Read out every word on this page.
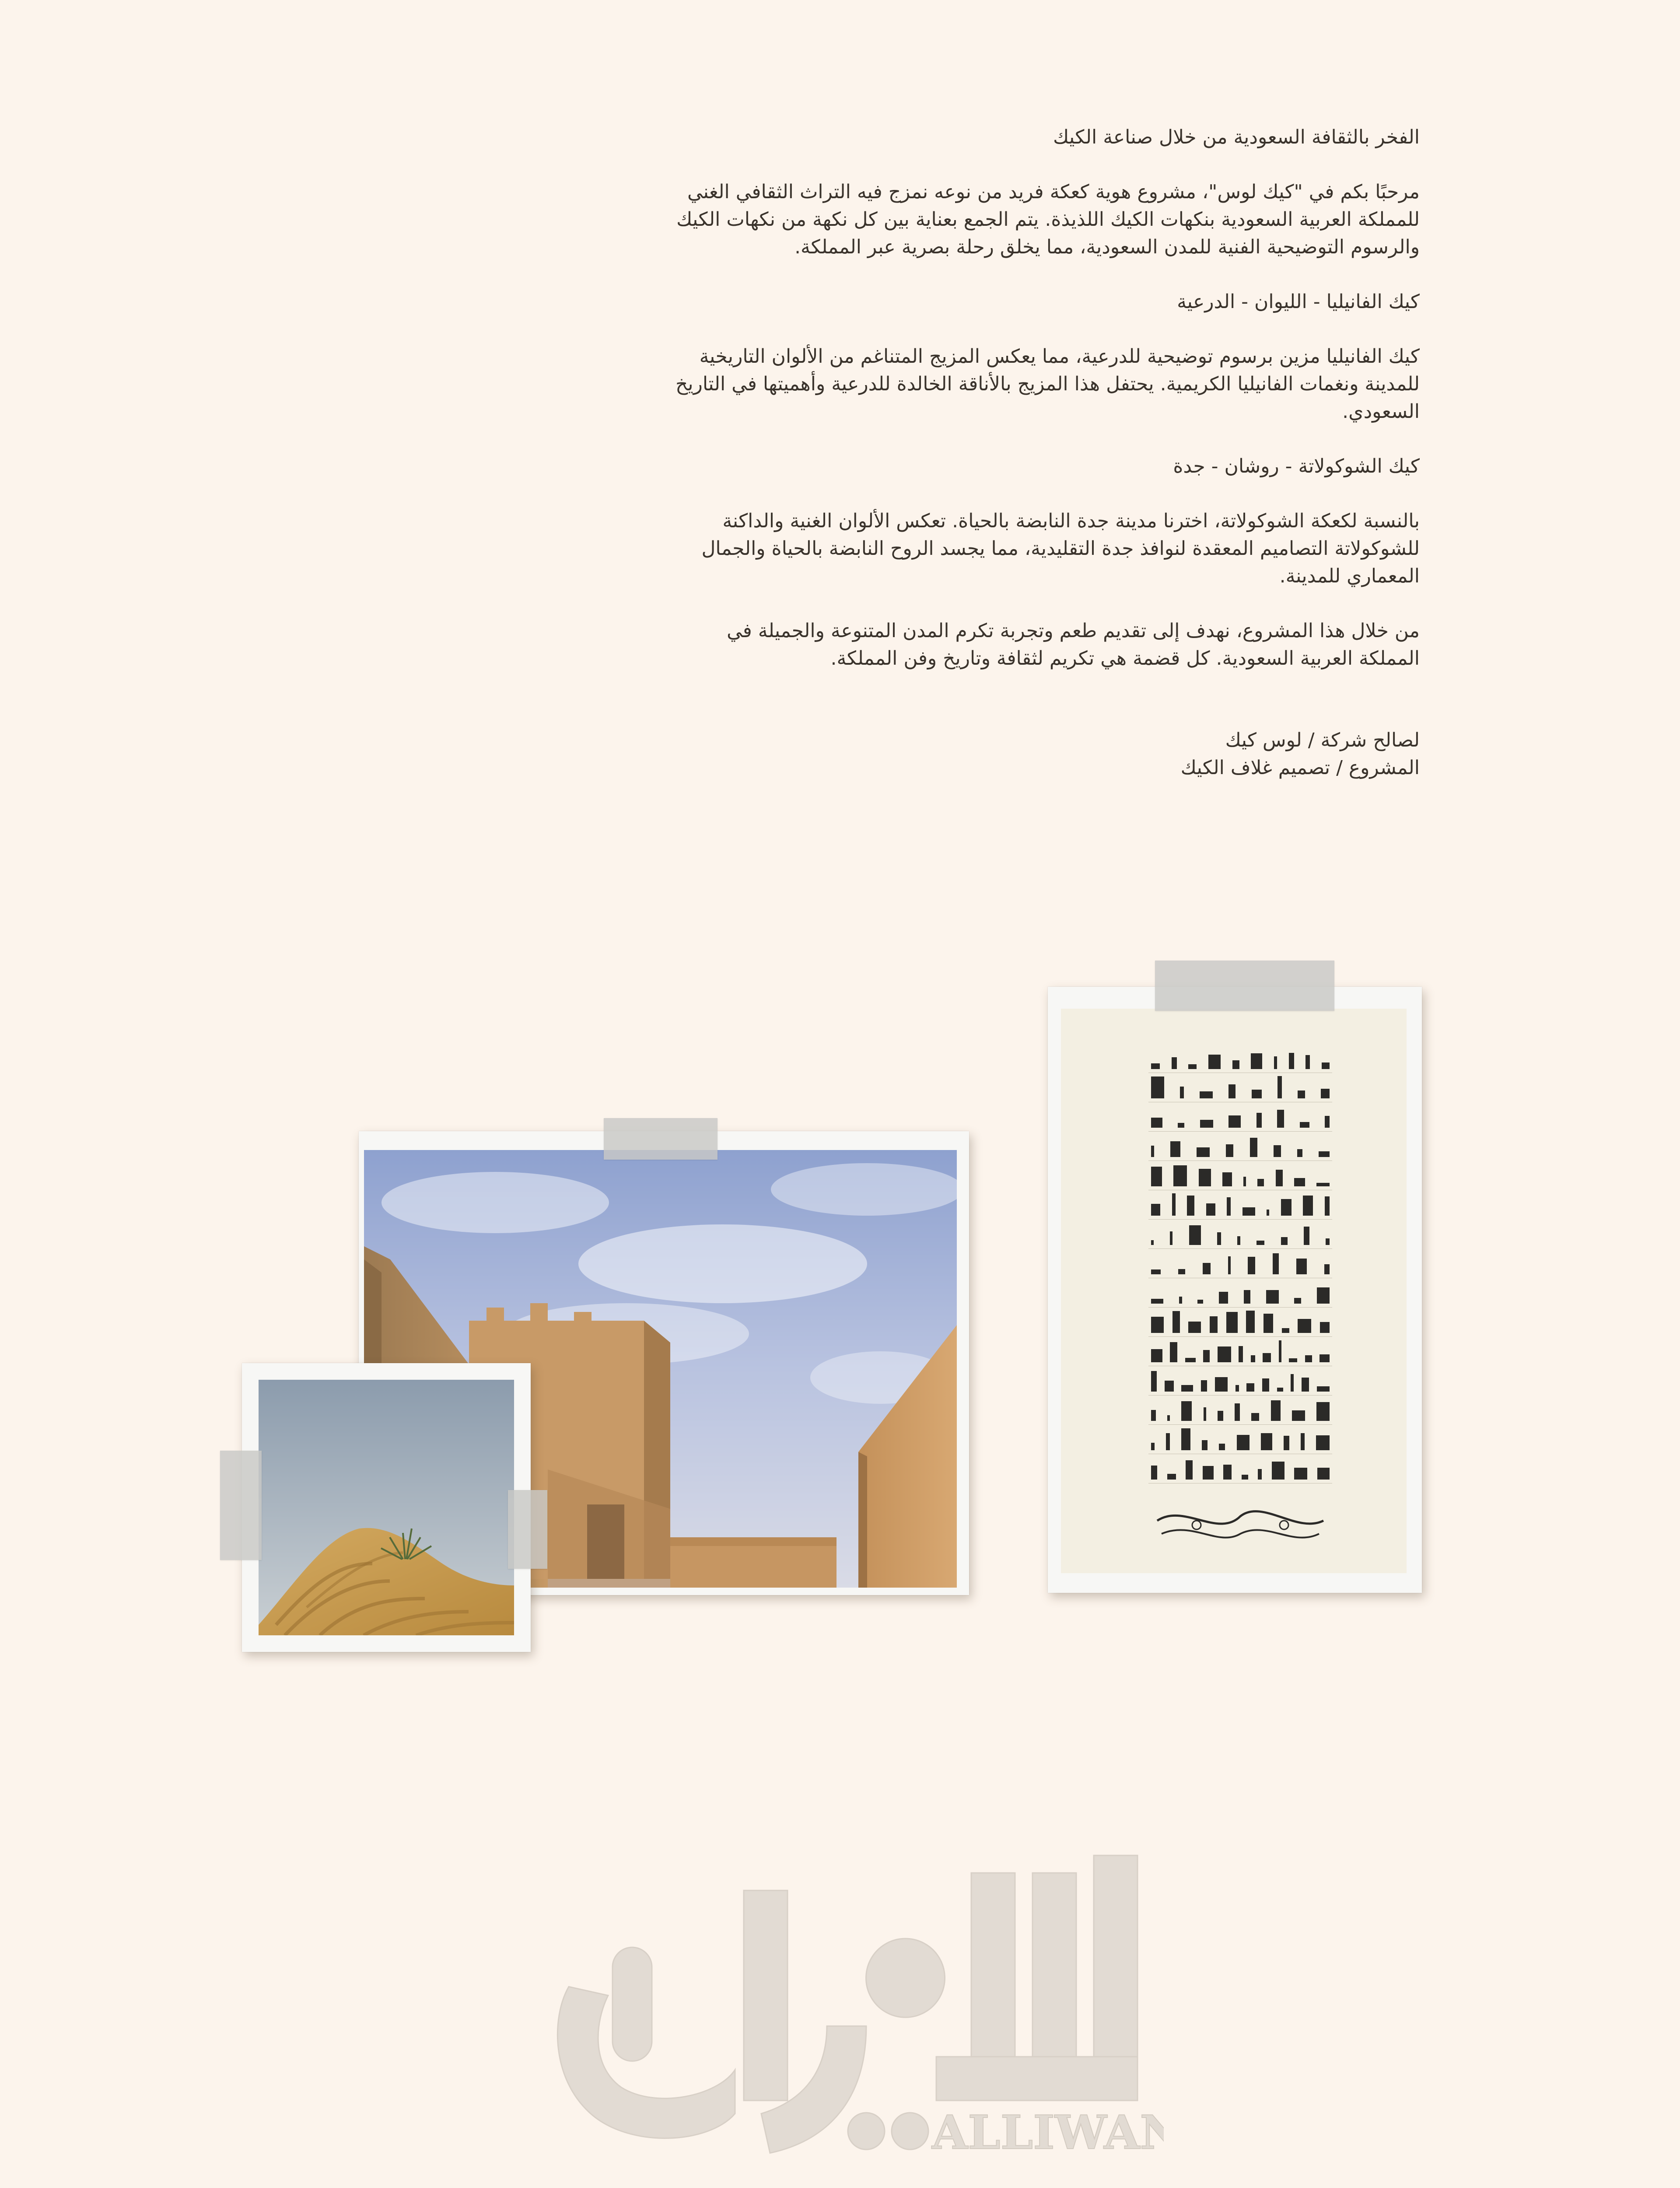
الفخر بالثقافة السعودية من خلال صناعة الكيك

مرحبًا بكم في "كيك لوس"، مشروع هوية كعكة فريد من نوعه نمزج فيه التراث الثقافي الغني للمملكة العربية السعودية بنكهات الكيك اللذيذة. يتم الجمع بعناية بين كل نكهة من نكهات الكيك والرسوم التوضيحية الفنية للمدن السعودية، مما يخلق رحلة بصرية عبر المملكة.

كيك الفانيليا - الليوان - الدرعية

كيك الفانيليا مزين برسوم توضيحية للدرعية، مما يعكس المزيج المتناغم من الألوان التاريخية للمدينة ونغمات الفانيليا الكريمية. يحتفل هذا المزيج بالأناقة الخالدة للدرعية وأهميتها في التاريخ السعودي.

كيك الشوكولاتة - روشان - جدة

بالنسبة لكعكة الشوكولاتة، اخترنا مدينة جدة النابضة بالحياة. تعكس الألوان الغنية والداكنة للشوكولاتة التصاميم المعقدة لنوافذ جدة التقليدية، مما يجسد الروح النابضة بالحياة والجمال المعماري للمدينة.

من خلال هذا المشروع، نهدف إلى تقديم طعم وتجربة تكرم المدن المتنوعة والجميلة في المملكة العربية السعودية. كل قضمة هي تكريم لثقافة وتاريخ وفن المملكة.

لصالح شركة / لوس كيك

المشروع / تصميم غلاف الكيك

ALLIWAN
